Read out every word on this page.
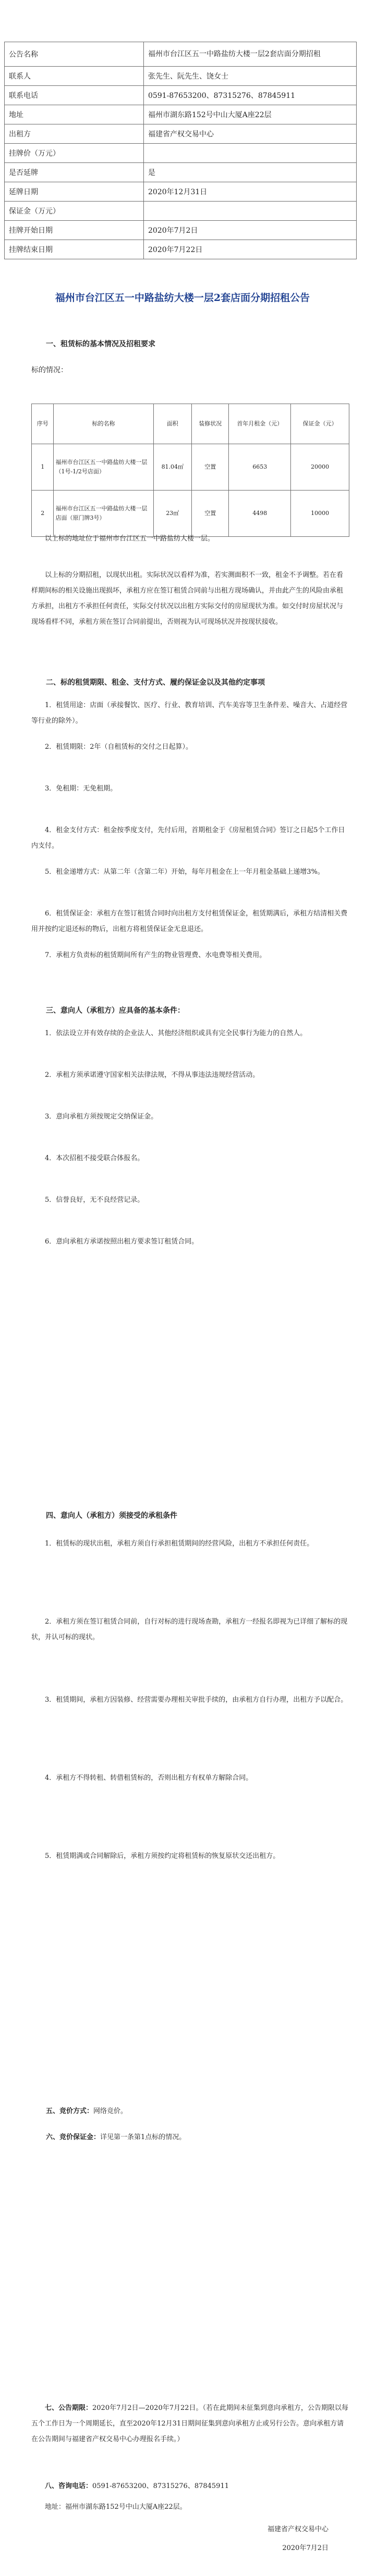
公告名称	福州市台江区五一中路盐纺大楼一层2套店面分期招租
联系人	张先生、阮先生、饶女士
联系电话	0591-87653200、87315276、87845911
地址	福州市湖东路152号中山大厦A座22层
出租方	福建省产权交易中心
挂牌价（万元）	
是否延牌	是
延牌日期	2020年12月31日
保证金（万元）	
挂牌开始日期	2020年7月2日
挂牌结束日期	2020年7月22日
福州市台江区五一中路盐纺大楼一层2套店面分期招租公告
一、租赁标的基本情况及招租要求
标的情况：
序号	标的名称	面积	装修状况	首年月租金（元）	保证金（元）
1	福州市台江区五一中路盐纺大楼一层（1号-1/2号店面）	81.04㎡	空置	6653	20000
2	福州市台江区五一中路盐纺大楼一层店面（原门牌3号）	23㎡	空置	4498	10000

以上标的地址位于福州市台江区五一中路盐纺大楼一层。

以上标的分期招租，以现状出租。实际状况以看样为准，若实测面积不一致，租金不予调整。若在看样期间标的相关设施出现损坏，承租方应在签订租赁合同前与出租方现场确认，并由此产生的风险由承租方承担，出租方不承担任何责任，实际交付状况以出租方实际交付的房屋现状为准。如交付时房屋状况与现场看样不同，承租方须在签订合同前提出，否则视为认可现场状况并按现状接收。

二、标的租赁期限、租金、支付方式、履约保证金以及其他约定事项

1．租赁用途：店面（承接餐饮、医疗、行业、教育培训、汽车美容等卫生条件差、噪音大、占道经营等行业的除外）。

2．租赁期限：2年（自租赁标的交付之日起算）。

3．免租期：无免租期。

4．租金支付方式：租金按季度支付，先付后用，首期租金于《房屋租赁合同》签订之日起5个工作日内支付。

5．租金递增方式：从第二年（含第二年）开始，每年月租金在上一年月租金基础上递增3%。

6．租赁保证金：承租方在签订租赁合同时向出租方支付租赁保证金，租赁期满后，承租方结清相关费用并按约定退还标的物后，出租方将租赁保证金无息退还。

7．承租方负责标的租赁期间所有产生的物业管理费、水电费等相关费用。

三、意向人（承租方）应具备的基本条件：

1．依法设立并有效存续的企业法人、其他经济组织或具有完全民事行为能力的自然人。

2．承租方须承诺遵守国家相关法律法规，不得从事违法违规经营活动。

3．意向承租方须按规定交纳保证金。

4．本次招租不接受联合体报名。

5．信誉良好，无不良经营记录。

6．意向承租方承诺按照出租方要求签订租赁合同。

四、意向人（承租方）须接受的承租条件

1．租赁标的现状出租，承租方须自行承担租赁期间的经营风险，出租方不承担任何责任。

2．承租方须在签订租赁合同前，自行对标的进行现场查勘，承租方一经报名即视为已详细了解标的现状，并认可标的现状。

3．租赁期间，承租方因装修、经营需要办理相关审批手续的，由承租方自行办理，出租方予以配合。

4．承租方不得转租、转借租赁标的，否则出租方有权单方解除合同。

5．租赁期满或合同解除后，承租方须按约定将租赁标的恢复原状交还出租方。

五、竞价方式：网络竞价。
六、竞价保证金：详见第一条第1点标的情况。

七、公告期限：2020年7月2日—2020年7月22日。（若在此期间未征集到意向承租方，公告期限以每五个工作日为一个周期延长，直至2020年12月31日期间征集到意向承租方止或另行公告。意向承租方请在公告期间与福建省产权交易中心办理报名手续。）

八、咨询电话：0591-87653200、87315276、87845911

地址：福州市湖东路152号中山大厦A座22层。

福建省产权交易中心
2020年7月2日
